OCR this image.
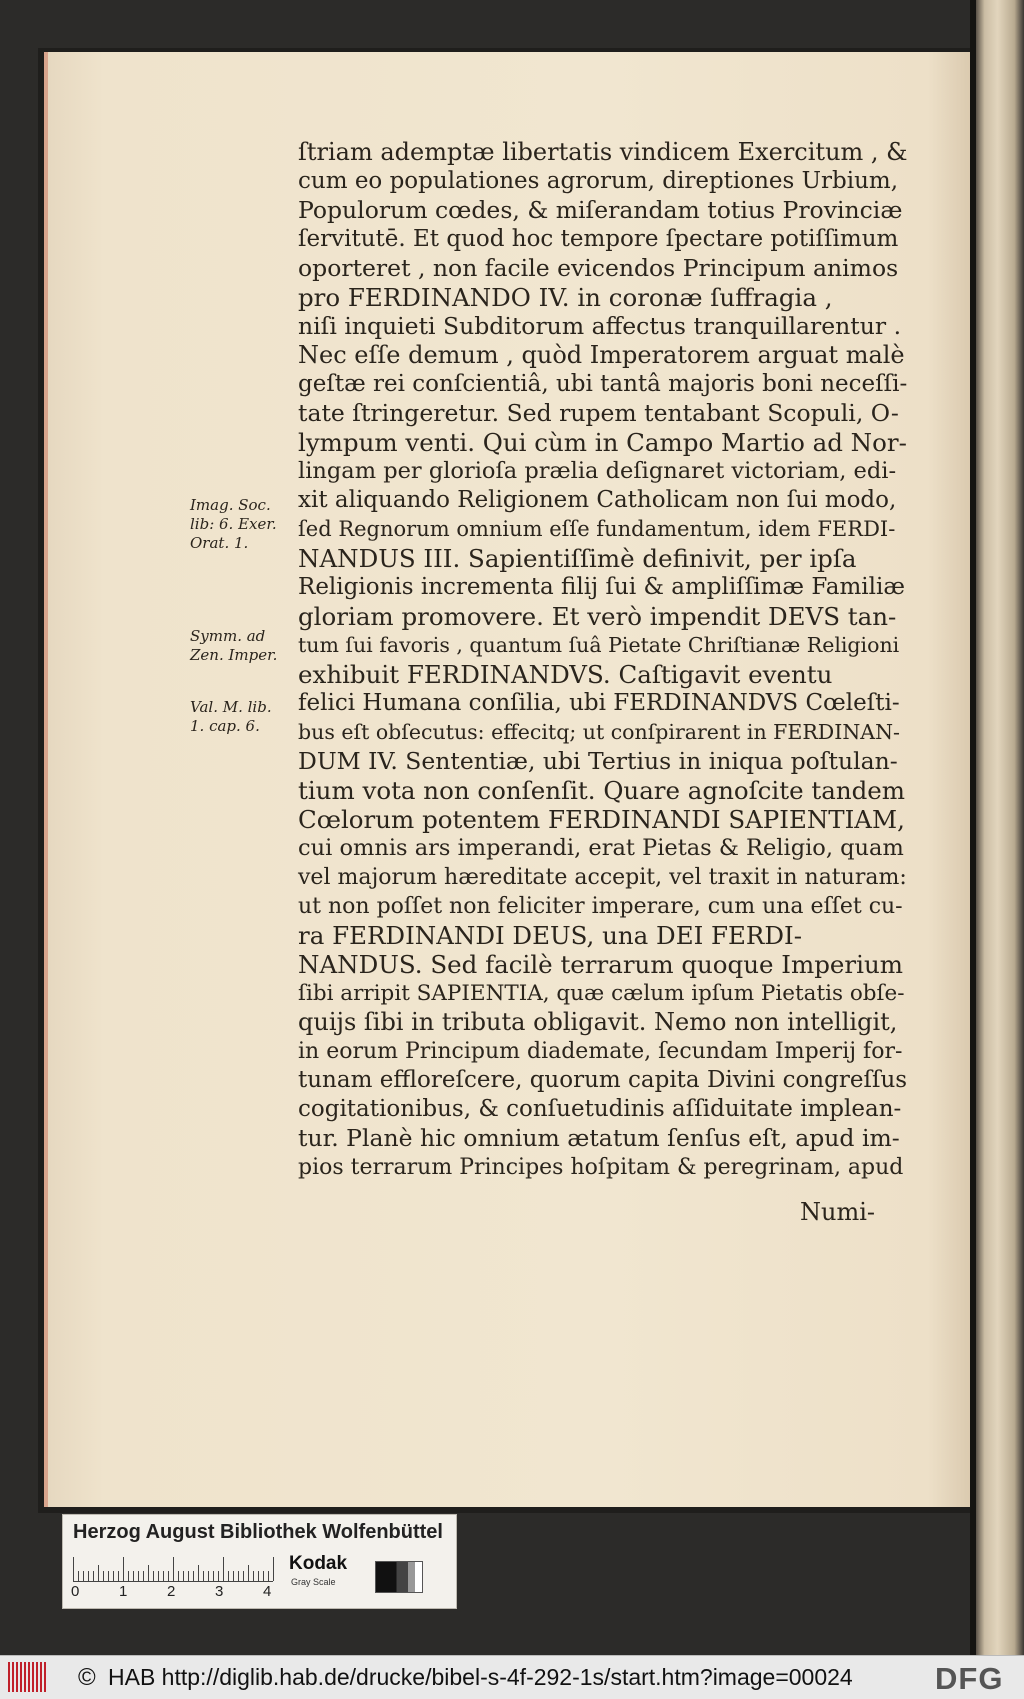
ſtriam ademptæ libertatis vindicem Exercitum , &

cum eo populationes agrorum, direptiones Urbium,

Populorum cœdes, & miſerandam totius Provinciæ

ſervitutē. Et quod hoc tempore ſpectare potiſſimum

oporteret , non facile evicendos Principum animos

pro FERDINANDO IV. in coronæ ſuffragia ,

niſi inquieti Subditorum affectus tranquillarentur .

Nec eſſe demum , quòd Imperatorem arguat malè

geſtæ rei conſcientiâ, ubi tantâ majoris boni neceſſi-

tate ſtringeretur. Sed rupem tentabant Scopuli, O-

lympum venti. Qui cùm in Campo Martio ad Nor-

lingam per glorioſa prælia deſignaret victoriam, edi-

xit aliquando Religionem Catholicam non ſui modo,

ſed Regnorum omnium eſſe fundamentum, idem FERDI-

NANDUS III. Sapientiſſimè definivit, per ipſa

Religionis incrementa filij ſui & ampliſſimæ Familiæ

gloriam promovere. Et verò impendit DEVS tan-

tum ſui favoris , quantum ſuâ Pietate Chriſtianæ Religioni

exhibuit FERDINANDVS. Caſtigavit eventu

felici Humana conſilia, ubi FERDINANDVS Cœleſti-

bus eſt obſecutus: effecitq; ut conſpirarent in FERDINAN-

DUM IV. Sententiæ, ubi Tertius in iniqua poſtulan-

tium vota non conſenſit. Quare agnoſcite tandem

Cœlorum potentem FERDINANDI SAPIENTIAM,

cui omnis ars imperandi, erat Pietas & Religio, quam

vel majorum hæreditate accepit, vel traxit in naturam:

ut non poſſet non feliciter imperare, cum una eſſet cu-

ra FERDINANDI DEUS, una DEI FERDI-

NANDUS. Sed facilè terrarum quoque Imperium

ſibi arripit SAPIENTIA, quæ cælum ipſum Pietatis obſe-

quijs ſibi in tributa obligavit. Nemo non intelligit,

in eorum Principum diademate, ſecundam Imperij for-

tunam efflorеſcere, quorum capita Divini congreſſus

cogitationibus, & conſuetudinis aſſiduitate implean-

tur. Planè hic omnium ætatum ſenſus eſt, apud im-

pios terrarum Principes hoſpitam & peregrinam, apud

Numi-
Imag. Soc.
lib: 6. Exer.
Orat. 1.
Symm. ad
Zen. Imper.
Val. M. lib.
1. cap. 6.
Herzog August Bibliothek Wolfenbüttel
0	1	2	3	4
Kodak
Gray Scale
© HAB http://diglib.hab.de/drucke/bibel-s-4f-292-1s/start.htm?image=00024	DFG
